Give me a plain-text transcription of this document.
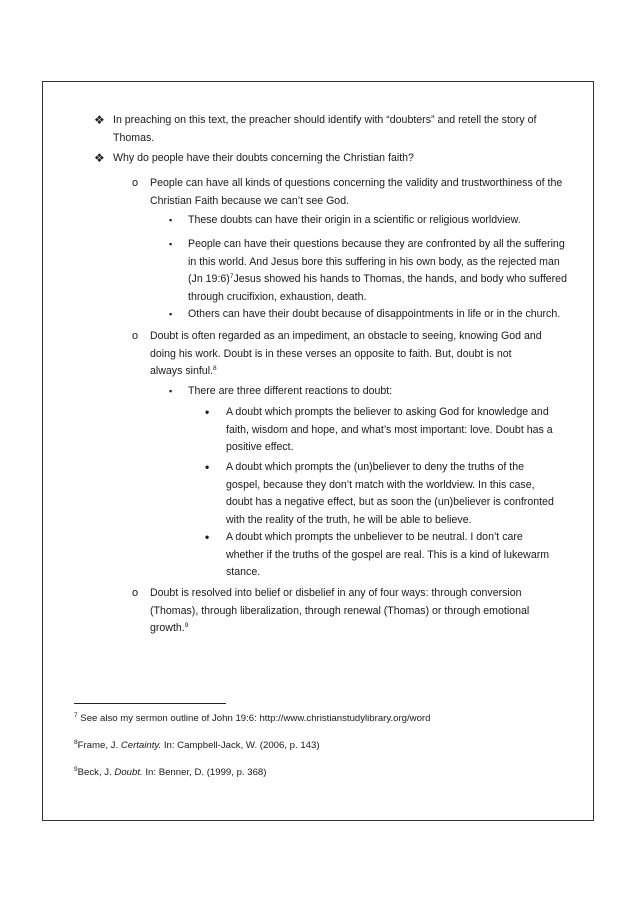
❖ In preaching on this text, the preacher should identify with “doubters” and retell the story of Thomas.

❖ Why do people have their doubts concerning the Christian faith?

o People can have all kinds of questions concerning the validity and trustworthiness of the Christian Faith because we can’t see God.

▪ These doubts can have their origin in a scientific or religious worldview.

▪ People can have their questions because they are confronted by all the suffering in this world. And Jesus bore this suffering in his own body, as the rejected man (Jn 19:6)$^7$Jesus showed his hands to Thomas, the hands, and body who suffered through crucifixion, exhaustion, death.

▪ Others can have their doubt because of disappointments in life or in the church.

o Doubt is often regarded as an impediment, an obstacle to seeing, knowing God and doing his work. Doubt is in these verses an opposite to faith. But, doubt is not always sinful.$^8$

▪ There are three different reactions to doubt:

• A doubt which prompts the believer to asking God for knowledge and faith, wisdom and hope, and what’s most important: love. Doubt has a positive effect.

• A doubt which prompts the (un)believer to deny the truths of the gospel, because they don’t match with the worldview. In this case, doubt has a negative effect, but as soon the (un)believer is confronted with the reality of the truth, he will be able to believe.

• A doubt which prompts the unbeliever to be neutral. I don’t care whether if the truths of the gospel are real. This is a kind of lukewarm stance.

o Doubt is resolved into belief or disbelief in any of four ways: through conversion (Thomas), through liberalization, through renewal (Thomas) or through emotional growth.$^9$

$^7$ See also my sermon outline of John 19:6: http://www.christianstudylibrary.org/word

$^8$Frame, J. Certainty. In: Campbell-Jack, W. (2006, p. 143)

$^9$Beck, J. Doubt. In: Benner, D. (1999, p. 368)
